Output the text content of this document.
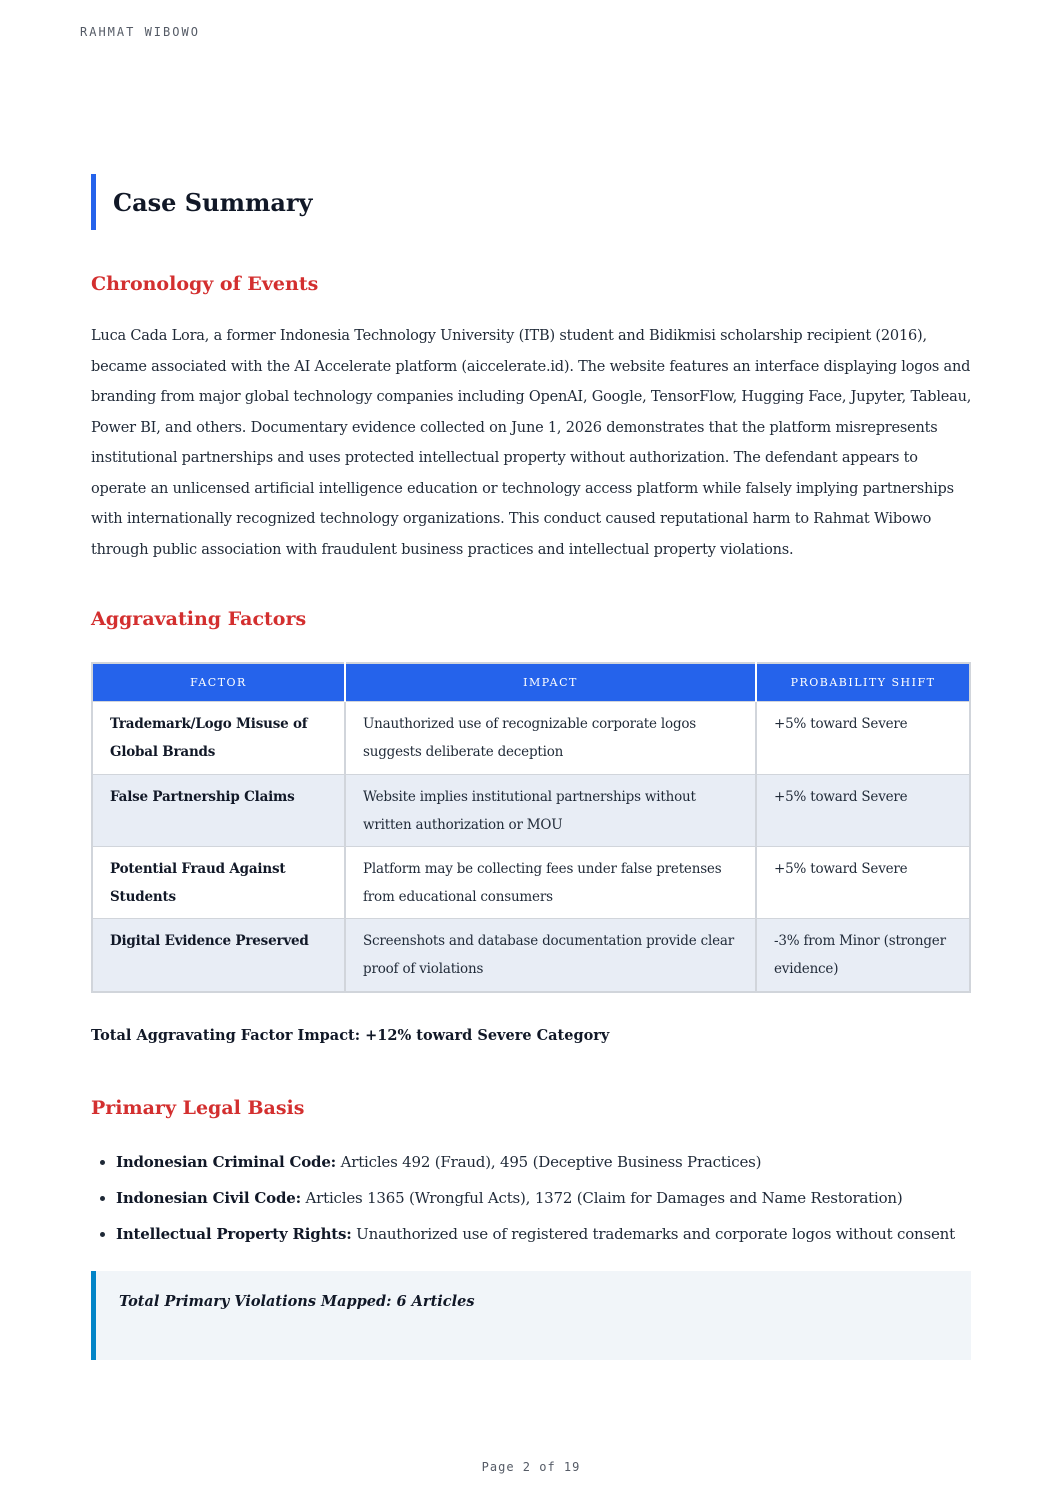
RAHMAT WIBOWO
Case Summary
Chronology of Events

Luca Cada Lora, a former Indonesia Technology University (ITB) student and Bidikmisi scholarship recipient (2016), became associated with the AI Accelerate platform (aiccelerate.id). The website features an interface displaying logos and branding from major global technology companies including OpenAI, Google, TensorFlow, Hugging Face, Jupyter, Tableau, Power BI, and others. Documentary evidence collected on June 1, 2026 demonstrates that the platform misrepresents institutional partnerships and uses protected intellectual property without authorization. The defendant appears to operate an unlicensed artificial intelligence education or technology access platform while falsely implying partnerships with internationally recognized technology organizations. This conduct caused reputational harm to Rahmat Wibowo through public association with fraudulent business practices and intellectual property violations.

Aggravating Factors
FACTOR	IMPACT	PROBABILITY SHIFT
Trademark/Logo Misuse of Global Brands	Unauthorized use of recognizable corporate logos suggests deliberate deception	+5% toward Severe
False Partnership Claims	Website implies institutional partnerships without written authorization or MOU	+5% toward Severe
Potential Fraud Against Students	Platform may be collecting fees under false pretenses from educational consumers	+5% toward Severe
Digital Evidence Preserved	Screenshots and database documentation provide clear proof of violations	-3% from Minor (stronger evidence)

Total Aggravating Factor Impact: +12% toward Severe Category

Primary Legal Basis
• Indonesian Criminal Code: Articles 492 (Fraud), 495 (Deceptive Business Practices)
• Indonesian Civil Code: Articles 1365 (Wrongful Acts), 1372 (Claim for Damages and Name Restoration)
• Intellectual Property Rights: Unauthorized use of registered trademarks and corporate logos without consent

Total Primary Violations Mapped: 6 Articles

Page 2 of 19
